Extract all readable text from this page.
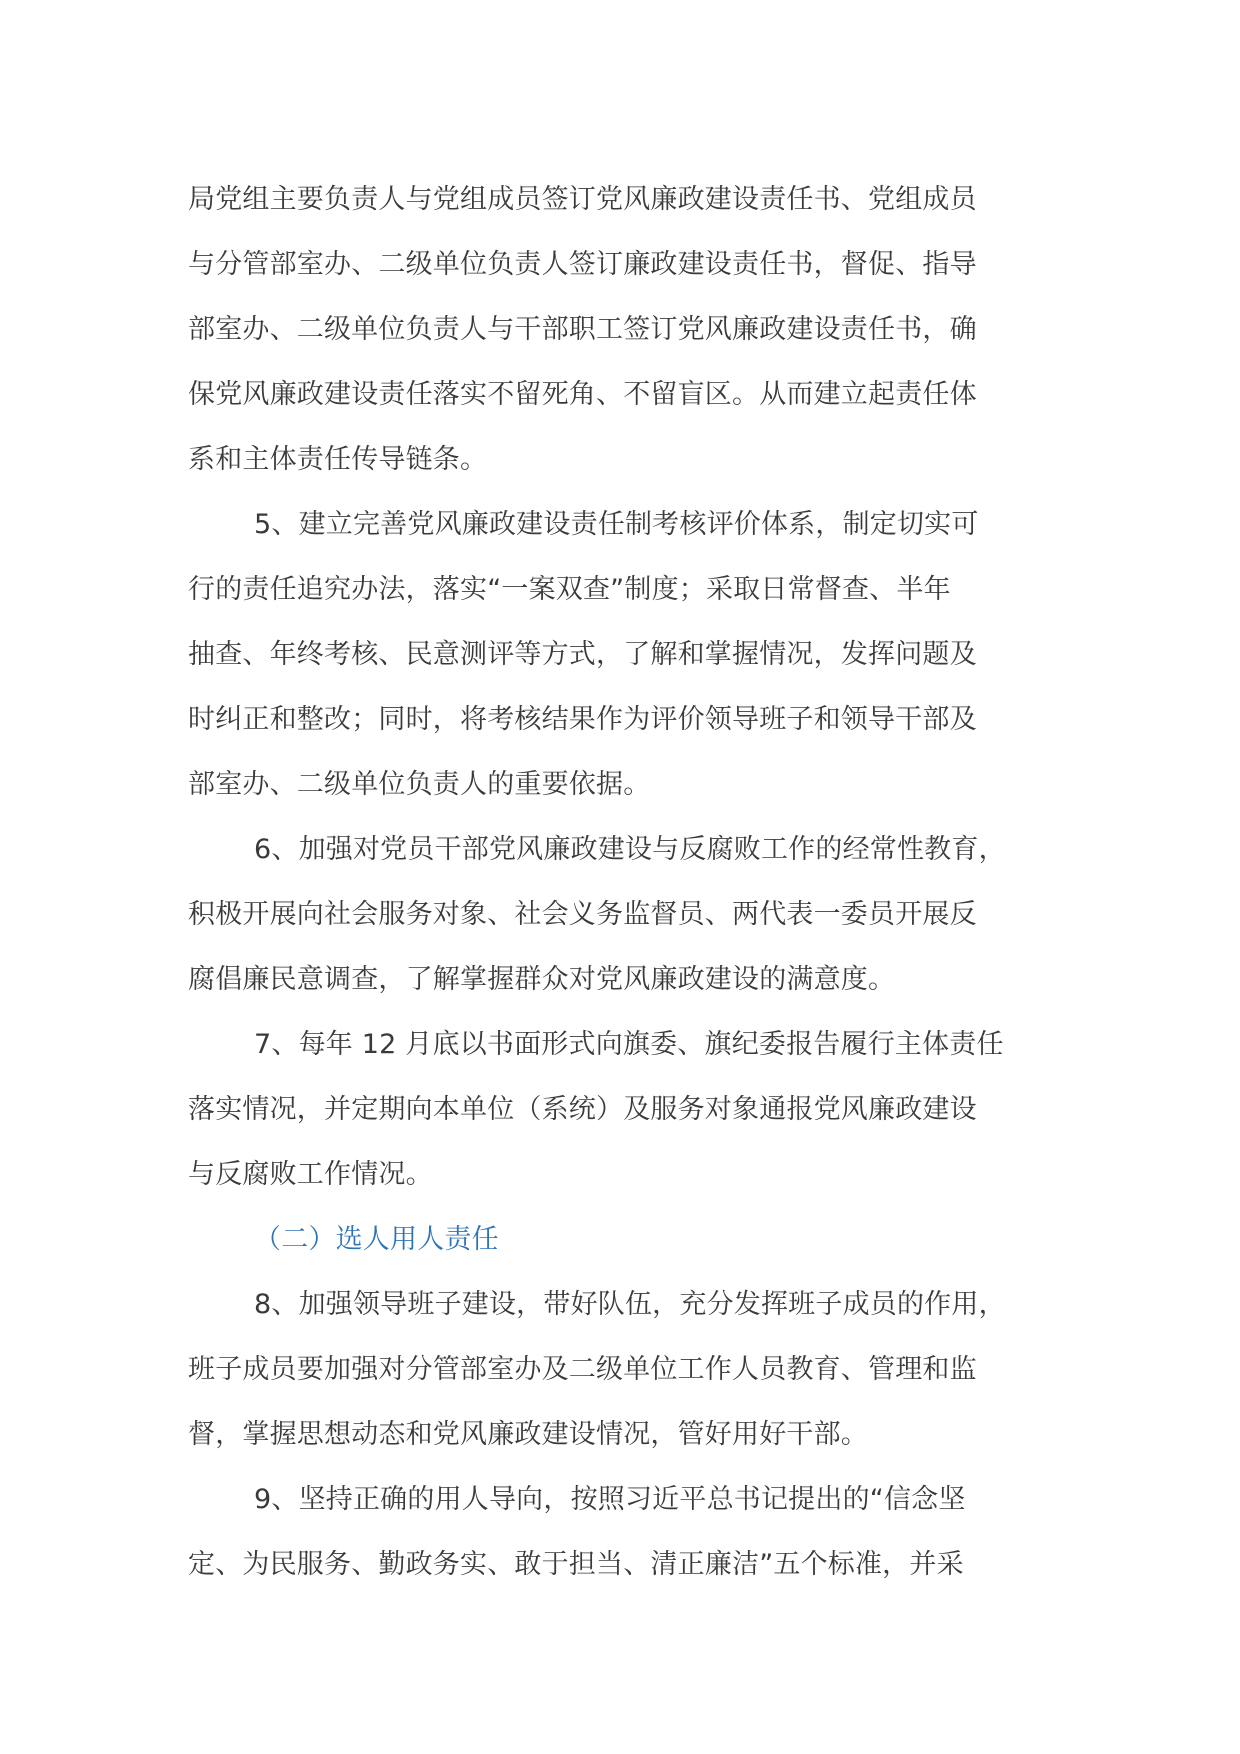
局党组主要负责人与党组成员签订党风廉政建设责任书、党组成员
与分管部室办、二级单位负责人签订廉政建设责任书，督促、指导
部室办、二级单位负责人与干部职工签订党风廉政建设责任书，确
保党风廉政建设责任落实不留死角、不留盲区。从而建立起责任体
系和主体责任传导链条。
5、建立完善党风廉政建设责任制考核评价体系，制定切实可
行的责任追究办法，落实“一案双查”制度；采取日常督查、半年
抽查、年终考核、民意测评等方式，了解和掌握情况，发挥问题及
时纠正和整改；同时，将考核结果作为评价领导班子和领导干部及
部室办、二级单位负责人的重要依据。
6、加强对党员干部党风廉政建设与反腐败工作的经常性教育，
积极开展向社会服务对象、社会义务监督员、两代表一委员开展反
腐倡廉民意调查，了解掌握群众对党风廉政建设的满意度。
7、每年 12 月底以书面形式向旗委、旗纪委报告履行主体责任
落实情况，并定期向本单位（系统）及服务对象通报党风廉政建设
与反腐败工作情况。
（二）选人用人责任
8、加强领导班子建设，带好队伍，充分发挥班子成员的作用，
班子成员要加强对分管部室办及二级单位工作人员教育、管理和监
督，掌握思想动态和党风廉政建设情况，管好用好干部。
9、坚持正确的用人导向，按照习近平总书记提出的“信念坚
定、为民服务、勤政务实、敢于担当、清正廉洁”五个标准，并采
